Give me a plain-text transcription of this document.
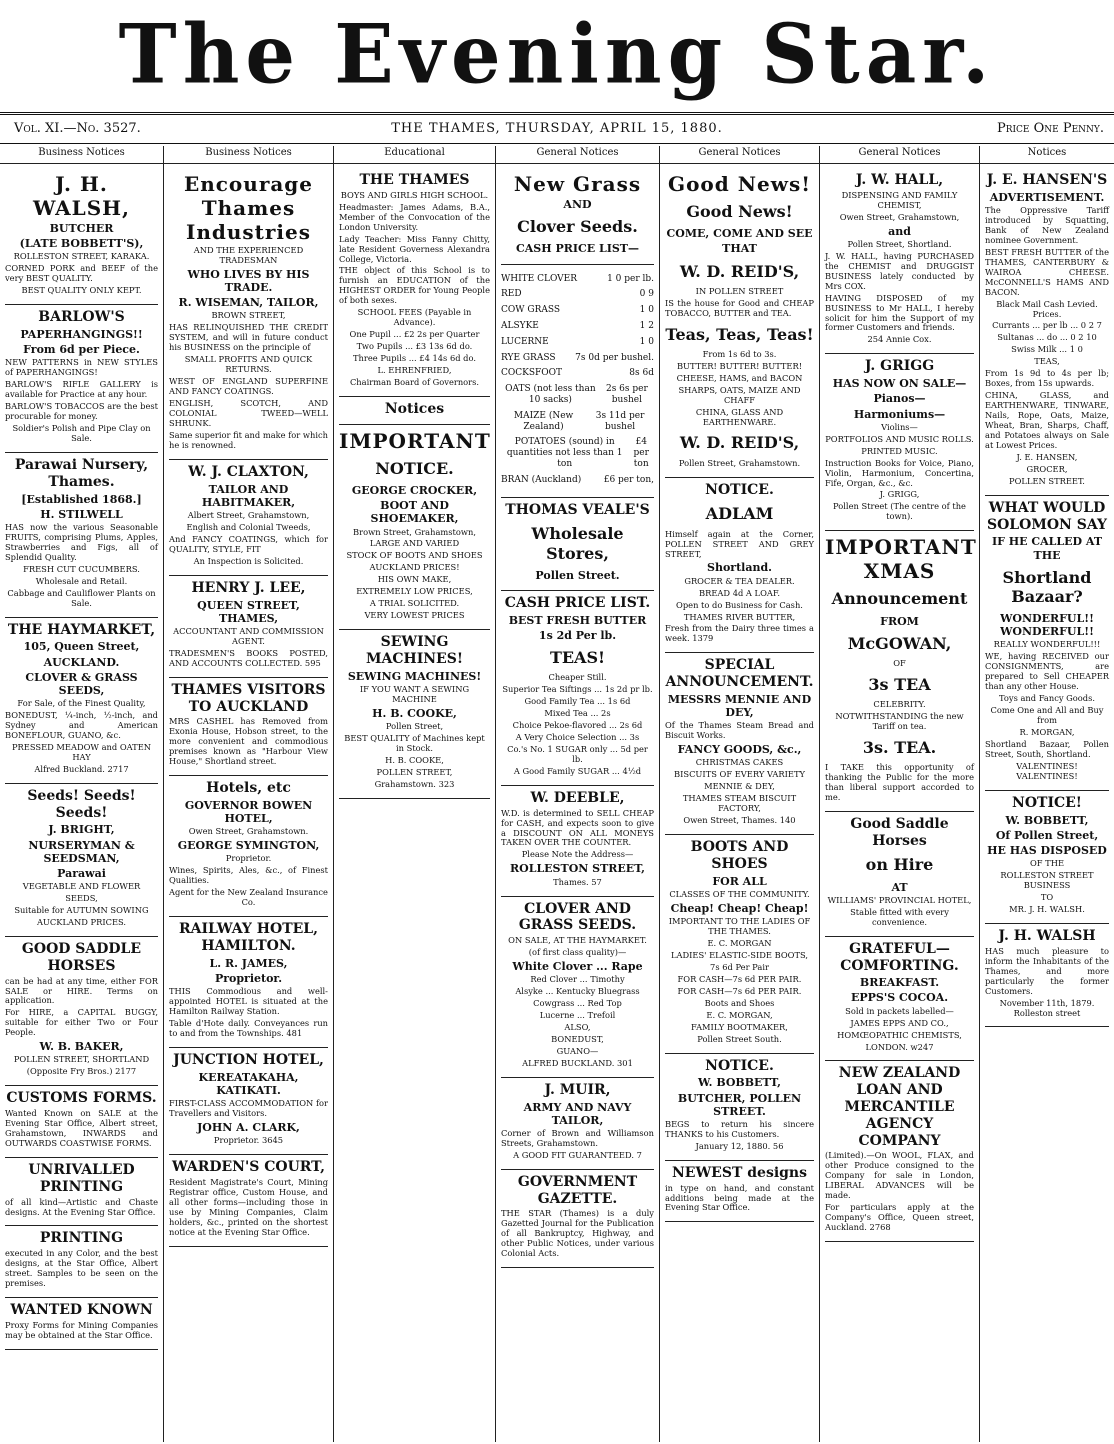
The Evening Star.
Vol. XI.—No. 3527.	THE THAMES, THURSDAY, APRIL 15, 1880.	Price One Penny.
Business Notices
J. H. WALSH,

BUTCHER

(LATE BOBBETT'S),

ROLLESTON STREET, KARAKA.

CORNED PORK and BEEF of the very BEST QUALITY.

BEST QUALITY ONLY KEPT.

BARLOW'S

PAPERHANGINGS!!

From 6d per Piece.

NEW PATTERNS in NEW STYLES of PAPERHANGINGS!

BARLOW'S RIFLE GALLERY is available for Practice at any hour.

BARLOW'S TOBACCOS are the best procurable for money.

Soldier's Polish and Pipe Clay on Sale.

Parawai Nursery, Thames.

[Established 1868.]

H. STILWELL

HAS now the various Seasonable FRUITS, comprising Plums, Apples, Strawberries and Figs, all of Splendid Quality.

FRESH CUT CUCUMBERS.

Wholesale and Retail.

Cabbage and Cauliflower Plants on Sale.

THE HAYMARKET,

105, Queen Street,

AUCKLAND.

CLOVER & GRASS SEEDS,

For Sale, of the Finest Quality,

BONEDUST, ¼-inch, ½-inch, and Sydney and American BONEFLOUR, GUANO, &c.

PRESSED MEADOW and OATEN HAY

Alfred Buckland. 2717

Seeds! Seeds! Seeds!

J. BRIGHT,

NURSERYMAN & SEEDSMAN,

Parawai

VEGETABLE AND FLOWER

SEEDS,

Suitable for AUTUMN SOWING

AUCKLAND PRICES.

GOOD SADDLE HORSES

can be had at any time, either FOR SALE or HIRE. Terms on application.

For HIRE, a CAPITAL BUGGY, suitable for either Two or Four People.

W. B. BAKER,

POLLEN STREET, SHORTLAND

(Opposite Fry Bros.) 2177

CUSTOMS FORMS.

Wanted Known on SALE at the Evening Star Office, Albert street, Grahamstown, INWARDS and OUTWARDS COASTWISE FORMS.

UNRIVALLED PRINTING

of all kind—Artistic and Chaste designs. At the Evening Star Office.

PRINTING

executed in any Color, and the best designs, at the Star Office, Albert street. Samples to be seen on the premises.

WANTED KNOWN

Proxy Forms for Mining Companies may be obtained at the Star Office.

Business Notices
Encourage Thames Industries

AND THE EXPERIENCED TRADESMAN

WHO LIVES BY HIS TRADE.

R. WISEMAN, TAILOR,

BROWN STREET,

HAS RELINQUISHED THE CREDIT SYSTEM, and will in future conduct his BUSINESS on the principle of

SMALL PROFITS AND QUICK RETURNS.

WEST OF ENGLAND SUPERFINE AND FANCY COATINGS.

ENGLISH, SCOTCH, AND COLONIAL TWEED—WELL SHRUNK.

Same superior fit and make for which he is renowned.

W. J. CLAXTON,

TAILOR AND HABITMAKER,

Albert Street, Grahamstown,

English and Colonial Tweeds,

And FANCY COATINGS, which for QUALITY, STYLE, FIT

An Inspection is Solicited.

HENRY J. LEE,

QUEEN STREET, THAMES,

ACCOUNTANT AND COMMISSION AGENT.

TRADESMEN'S BOOKS POSTED, AND ACCOUNTS COLLECTED. 595

THAMES VISITORS TO AUCKLAND

MRS CASHEL has Removed from Exonia House, Hobson street, to the more convenient and commodious premises known as "Harbour View House," Shortland street.

Hotels, etc

GOVERNOR BOWEN HOTEL,

Owen Street, Grahamstown.

GEORGE SYMINGTON,

Proprietor.

Wines, Spirits, Ales, &c., of Finest Qualities.

Agent for the New Zealand Insurance Co.

RAILWAY HOTEL, HAMILTON.

L. R. JAMES,

Proprietor.

THIS Commodious and well-appointed HOTEL is situated at the Hamilton Railway Station.

Table d'Hote daily. Conveyances run to and from the Townships. 481

JUNCTION HOTEL,

KEREATAKAHA, KATIKATI.

FIRST-CLASS ACCOMMODATION for Travellers and Visitors.

JOHN A. CLARK,

Proprietor. 3645

WARDEN'S COURT,

Resident Magistrate's Court, Mining Registrar office, Custom House, and all other forms—including those in use by Mining Companies, Claim holders, &c., printed on the shortest notice at the Evening Star Office.

Educational
THE THAMES

BOYS AND GIRLS HIGH SCHOOL.

Headmaster: James Adams, B.A., Member of the Convocation of the London University.

Lady Teacher: Miss Fanny Chitty, late Resident Governess Alexandra College, Victoria.

THE object of this School is to furnish an EDUCATION of the HIGHEST ORDER for Young People of both sexes.

SCHOOL FEES (Payable in Advance).

One Pupil ... £2 2s per Quarter

Two Pupils ... £3 13s 6d do.

Three Pupils ... £4 14s 6d do.

L. EHRENFRIED,

Chairman Board of Governors.

Notices
IMPORTANT

NOTICE.

GEORGE CROCKER,

BOOT AND SHOEMAKER,

Brown Street, Grahamstown,

LARGE AND VARIED

STOCK OF BOOTS AND SHOES

AUCKLAND PRICES!

HIS OWN MAKE,

EXTREMELY LOW PRICES,

A TRIAL SOLICITED.

VERY LOWEST PRICES

SEWING MACHINES!

SEWING MACHINES!

IF YOU WANT A SEWING MACHINE

H. B. COOKE,

Pollen Street,

BEST QUALITY of Machines kept in Stock.

H. B. COOKE,

POLLEN STREET,

Grahamstown. 323

General Notices
New Grass

AND

Clover Seeds.

CASH PRICE LIST—

WHITE CLOVER	1 0 per lb.
RED	0 9
COW GRASS	1 0
ALSYKE	1 2
LUCERNE	1 0
RYE GRASS 7s 0d per bushel.
COCKSFOOT	8s 6d
OATS (not less than 10 sacks)
2s 6s per bushel
MAIZE (New Zealand)
3s 11d per bushel
POTATOES (sound) in quantities not less than 1 ton
£4 per ton
BRAN (Auckland) £6 per ton,
THOMAS VEALE'S

Wholesale Stores,

Pollen Street.

CASH PRICE LIST.

BEST FRESH BUTTER

1s 2d Per lb.

TEAS!

Cheaper Still.

Superior Tea Siftings ... 1s 2d pr lb.

Good Family Tea ... 1s 6d

Mixed Tea ... 2s

Choice Pekoe-flavored ... 2s 6d

A Very Choice Selection ... 3s

Co.'s No. 1 SUGAR only ... 5d per lb.

A Good Family SUGAR ... 4½d

W. DEEBLE,

W.D. is determined to SELL CHEAP for CASH, and expects soon to give a DISCOUNT ON ALL MONEYS TAKEN OVER THE COUNTER.

Please Note the Address—

ROLLESTON STREET,

Thames. 57

CLOVER AND GRASS SEEDS.

ON SALE, AT THE HAYMARKET.

(of first class quality)—

White Clover ... Rape

Red Clover ... Timothy

Alsyke ... Kentucky Bluegrass

Cowgrass ... Red Top

Lucerne ... Trefoil

ALSO,

BONEDUST,

GUANO—

ALFRED BUCKLAND. 301

J. MUIR,

ARMY AND NAVY TAILOR,

Corner of Brown and Williamson Streets, Grahamstown.

A GOOD FIT GUARANTEED. 7

GOVERNMENT GAZETTE.

THE STAR (Thames) is a duly Gazetted Journal for the Publication of all Bankruptcy, Highway, and other Public Notices, under various Colonial Acts.

General Notices
Good News!

Good News!

COME, COME AND SEE

THAT

W. D. REID'S,

IN POLLEN STREET

IS the house for Good and CHEAP TOBACCO, BUTTER and TEA.

Teas, Teas, Teas!

From 1s 6d to 3s.

BUTTER! BUTTER! BUTTER!

CHEESE, HAMS, and BACON

SHARPS, OATS, MAIZE AND CHAFF

CHINA, GLASS AND EARTHENWARE.

W. D. REID'S,

Pollen Street, Grahamstown.

NOTICE.

ADLAM

Himself again at the Corner, POLLEN STREET AND GREY STREET,

Shortland.

GROCER & TEA DEALER.

BREAD 4d A LOAF.

Open to do Business for Cash.

THAMES RIVER BUTTER,

Fresh from the Dairy three times a week. 1379

SPECIAL ANNOUNCEMENT.

MESSRS MENNIE AND DEY,

Of the Thames Steam Bread and Biscuit Works.

FANCY GOODS, &c.,

CHRISTMAS CAKES

BISCUITS OF EVERY VARIETY

MENNIE & DEY,

THAMES STEAM BISCUIT FACTORY,

Owen Street, Thames. 140

BOOTS AND SHOES

FOR ALL

CLASSES OF THE COMMUNITY.

Cheap! Cheap! Cheap!

IMPORTANT TO THE LADIES OF THE THAMES.

E. C. MORGAN

LADIES' ELASTIC-SIDE BOOTS,

7s 6d Per Pair

FOR CASH—7s 6d PER PAIR.

FOR CASH—7s 6d PER PAIR.

Boots and Shoes

E. C. MORGAN,

FAMILY BOOTMAKER,

Pollen Street South.

NOTICE.

W. BOBBETT,

BUTCHER, POLLEN STREET.

BEGS to return his sincere THANKS to his Customers.

January 12, 1880. 56

NEWEST designs

in type on hand, and constant additions being made at the Evening Star Office.

General Notices
J. W. HALL,

DISPENSING AND FAMILY CHEMIST,

Owen Street, Grahamstown,

and

Pollen Street, Shortland.

J. W. HALL, having PURCHASED the CHEMIST and DRUGGIST BUSINESS lately conducted by Mrs COX.

HAVING DISPOSED of my BUSINESS to Mr HALL, I hereby solicit for him the Support of my former Customers and friends.

254 Annie Cox.

J. GRIGG

HAS NOW ON SALE—

Pianos—

Harmoniums—

Violins—

PORTFOLIOS AND MUSIC ROLLS.

PRINTED MUSIC.

Instruction Books for Voice, Piano, Violin, Harmonium, Concertina, Fife, Organ, &c., &c.

J. GRIGG,

Pollen Street (The centre of the town).

IMPORTANT XMAS

Announcement

FROM

McGOWAN,

OF

3s TEA

CELEBRITY.

NOTWITHSTANDING the new Tariff on tea.

3s. TEA.

I TAKE this opportunity of thanking the Public for the more than liberal support accorded to me.

Good Saddle Horses

on Hire

AT

WILLIAMS' PROVINCIAL HOTEL,

Stable fitted with every convenience.

GRATEFUL—COMFORTING.

BREAKFAST.

EPPS'S COCOA.

Sold in packets labelled—

JAMES EPPS AND CO.,

HOMŒOPATHIC CHEMISTS,

LONDON. w247

NEW ZEALAND LOAN AND MERCANTILE AGENCY COMPANY

(Limited).—On WOOL, FLAX, and other Produce consigned to the Company for sale in London, LIBERAL ADVANCES will be made.

For particulars apply at the Company's Office, Queen street, Auckland. 2768

Notices
J. E. HANSEN'S

ADVERTISEMENT.

The Oppressive Tariff introduced by Squatting, Bank of New Zealand nominee Government.

BEST FRESH BUTTER of the THAMES, CANTERBURY & WAIROA CHEESE. McCONNELL'S HAMS AND BACON.

Black Mail Cash Levied. Prices.

Currants ... per lb ... 0 2 7

Sultanas ... do ... 0 2 10

Swiss Milk ... 1 0

TEAS,

From 1s 9d to 4s per lb; Boxes, from 15s upwards.

CHINA, GLASS, and EARTHENWARE, TINWARE, Nails, Rope, Oats, Maize, Wheat, Bran, Sharps, Chaff, and Potatoes always on Sale at Lowest Prices.

J. E. HANSEN,

GROCER,

POLLEN STREET.

WHAT WOULD SOLOMON SAY

IF HE CALLED AT THE

Shortland Bazaar?

WONDERFUL!! WONDERFUL!!

REALLY WONDERFUL!!!

WE, having RECEIVED our CONSIGNMENTS, are prepared to Sell CHEAPER than any other House.

Toys and Fancy Goods.

Come One and All and Buy from

R. MORGAN,

Shortland Bazaar, Pollen Street, South, Shortland.

VALENTINES! VALENTINES!

NOTICE!

W. BOBBETT,

Of Pollen Street,

HE HAS DISPOSED

OF THE

ROLLESTON STREET BUSINESS

TO

MR. J. H. WALSH.

J. H. WALSH

HAS much pleasure to inform the Inhabitants of the Thames, and more particularly the former Customers.

November 11th, 1879. Rolleston street
